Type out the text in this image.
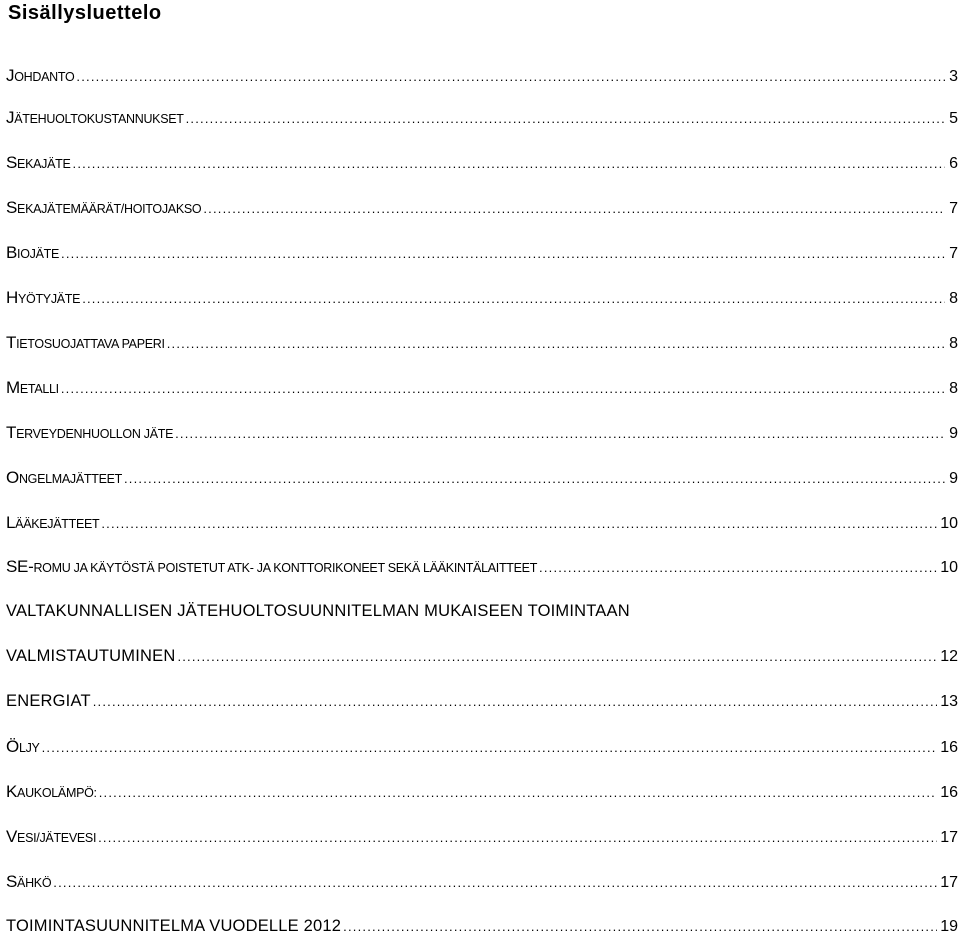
Sisällysluettelo
JOHDANTO .....	3
JÄTEHUOLTOKUSTANNUKSET .....	5
SEKAJÄTE .....	6
SEKAJÄTEMÄÄRÄT/HOITOJAKSO .....	7
BIOJÄTE .....	7
HYÖTYJÄTE .....	8
TIETOSUOJATTAVA PAPERI .....	8
METALLI .....	8
TERVEYDENHUOLLON JÄTE .....	9
ONGELMAJÄTTEET .....	9
LÄÄKEJÄTTEET .....	10
SE-ROMU JA KÄYTÖSTÄ POISTETUT ATK- JA KONTTORIKONEET SEKÄ LÄÄKINTÄLAITTEET .....	10
VALTAKUNNALLISEN JÄTEHUOLTOSUUNNITELMAN MUKAISEEN TOIMINTAAN
VALMISTAUTUMINEN .....	12
ENERGIAT .....	13
ÖLJY .....	16
KAUKOLÄMPÖ: .....	16
VESI/JÄTEVESI .....	17
SÄHKÖ .....	17
TOIMINTASUUNNITELMA VUODELLE 2012 .....	19
